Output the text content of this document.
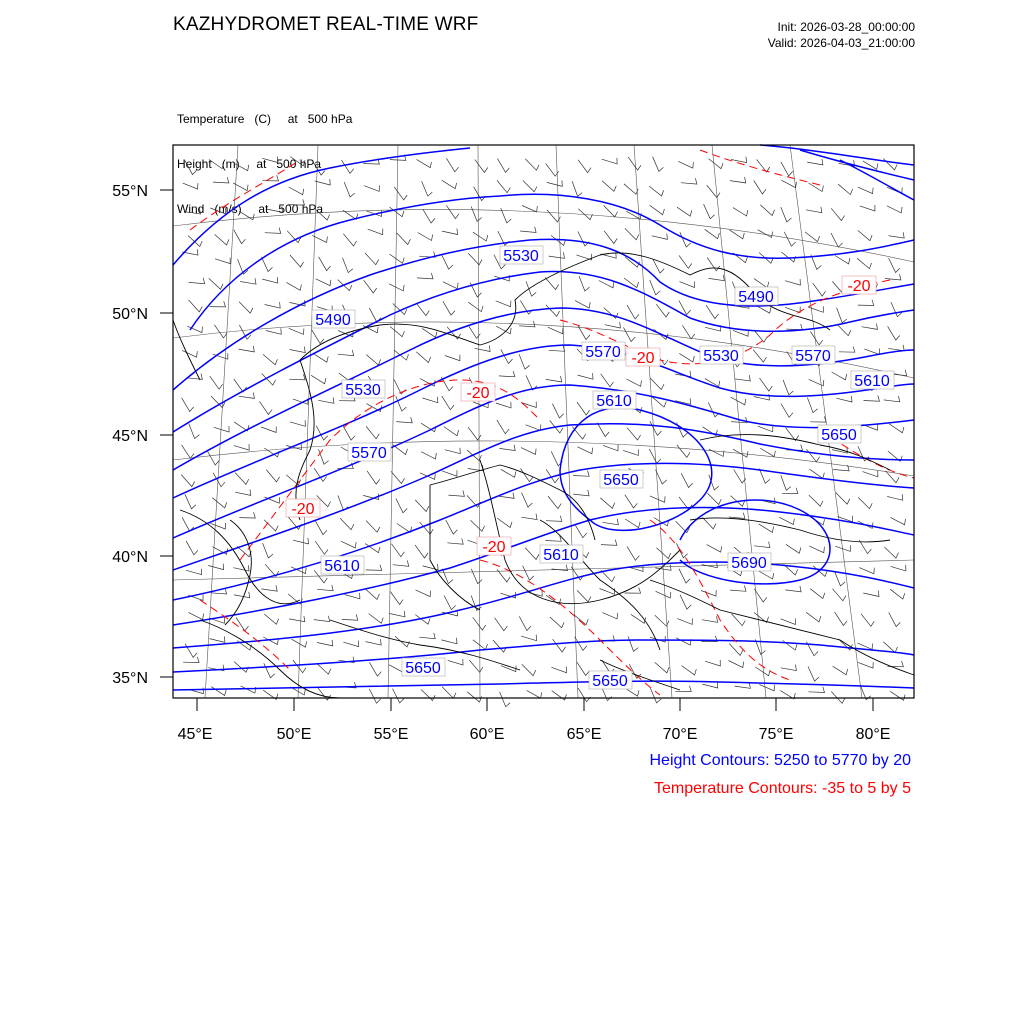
KAZHYDROMET REAL-TIME WRF	Init: 2026-03-28_00:00:00
Valid: 2026-04-03_21:00:00

Temperature   (C)     at   500 hPa

Height   (m)     at   500 hPa

Wind   (m/s)     at   500 hPa

55°N
50°N
45°N
40°N
35°N
45°E	50°E	55°E	60°E	65°E	70°E	75°E	80°E
5530
5490
5490
5570	5530	5570
5530
5610
5610
5570
5650
5650
5610
5610	5690
5650
5650
-20
-20
-20
-20
-20
Height Contours: 5250 to 5770 by 20
Temperature Contours: -35 to 5 by 5
